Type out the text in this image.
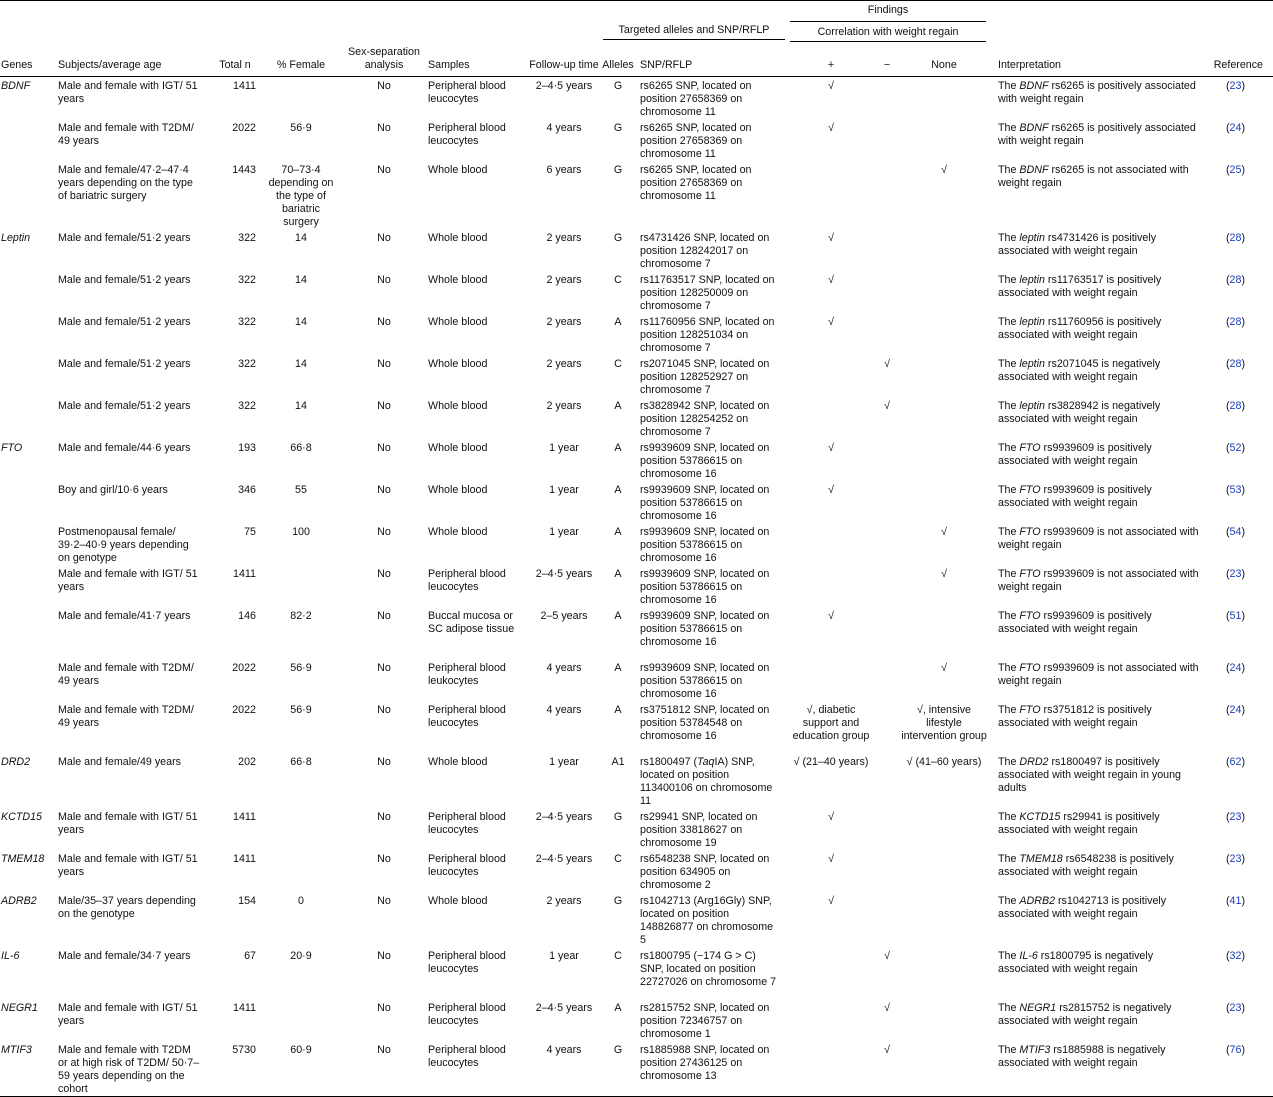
									Findings					
							Targeted alleles and SNP/RFLP		Correlation with weight regain					
Genes	Subjects/average age	Total n	% Female	Sex-separation analysis	Samples	Follow-up time	Alleles	SNP/RFLP	+	−	None		Interpretation	Reference
BDNF	Male and female with IGT/ 51 years	1411		No	Peripheral blood leucocytes	2–4·5 years	G	rs6265 SNP, located on position 27658369 on chromosome 11	√				The BDNF rs6265 is positively associated with weight regain	(23)
	Male and female with T2DM/ 49 years	2022	56·9	No	Peripheral blood leucocytes	4 years	G	rs6265 SNP, located on position 27658369 on chromosome 11	√				The BDNF rs6265 is positively associated with weight regain	(24)
	Male and female/47·2–47·4 years depending on the type of bariatric surgery	1443	70–73·4 depending on the type of bariatric surgery	No	Whole blood	6 years	G	rs6265 SNP, located on position 27658369 on chromosome 11			√		The BDNF rs6265 is not associated with weight regain	(25)
Leptin	Male and female/51·2 years	322	14	No	Whole blood	2 years	G	rs4731426 SNP, located on position 128242017 on chromosome 7	√				The leptin rs4731426 is positively associated with weight regain	(28)
	Male and female/51·2 years	322	14	No	Whole blood	2 years	C	rs11763517 SNP, located on position 128250009 on chromosome 7	√				The leptin rs11763517 is positively associated with weight regain	(28)
	Male and female/51·2 years	322	14	No	Whole blood	2 years	A	rs11760956 SNP, located on position 128251034 on chromosome 7	√				The leptin rs11760956 is positively associated with weight regain	(28)
	Male and female/51·2 years	322	14	No	Whole blood	2 years	C	rs2071045 SNP, located on position 128252927 on chromosome 7		√			The leptin rs2071045 is negatively associated with weight regain	(28)
	Male and female/51·2 years	322	14	No	Whole blood	2 years	A	rs3828942 SNP, located on position 128254252 on chromosome 7		√			The leptin rs3828942 is negatively associated with weight regain	(28)
FTO	Male and female/44·6 years	193	66·8	No	Whole blood	1 year	A	rs9939609 SNP, located on position 53786615 on chromosome 16	√				The FTO rs9939609 is positively associated with weight regain	(52)
	Boy and girl/10·6 years	346	55	No	Whole blood	1 year	A	rs9939609 SNP, located on position 53786615 on chromosome 16	√				The FTO rs9939609 is positively associated with weight regain	(53)
	Postmenopausal female/ 39·2–40·9 years depending on genotype	75	100	No	Whole blood	1 year	A	rs9939609 SNP, located on position 53786615 on chromosome 16			√		The FTO rs9939609 is not associated with weight regain	(54)
	Male and female with IGT/ 51 years	1411		No	Peripheral blood leucocytes	2–4·5 years	A	rs9939609 SNP, located on position 53786615 on chromosome 16			√		The FTO rs9939609 is not associated with weight regain	(23)
	Male and female/41·7 years	146	82·2	No	Buccal mucosa or SC adipose tissue	2–5 years	A	rs9939609 SNP, located on position 53786615 on chromosome 16	√				The FTO rs9939609 is positively associated with weight regain	(51)
	Male and female with T2DM/ 49 years	2022	56·9	No	Peripheral blood leukocytes	4 years	A	rs9939609 SNP, located on position 53786615 on chromosome 16			√		The FTO rs9939609 is not associated with weight regain	(24)
	Male and female with T2DM/ 49 years	2022	56·9	No	Peripheral blood leucocytes	4 years	A	rs3751812 SNP, located on position 53784548 on chromosome 16	√, diabetic support and education group		√, intensive lifestyle intervention group		The FTO rs3751812 is positively associated with weight regain	(24)
DRD2	Male and female/49 years	202	66·8	No	Whole blood	1 year	A1	rs1800497 (TaqIA) SNP, located on position 113400106 on chromosome 11	√ (21–40 years)		√ (41–60 years)		The DRD2 rs1800497 is positively associated with weight regain in young adults	(62)
KCTD15	Male and female with IGT/ 51 years	1411		No	Peripheral blood leucocytes	2–4·5 years	G	rs29941 SNP, located on position 33818627 on chromosome 19	√				The KCTD15 rs29941 is positively associated with weight regain	(23)
TMEM18	Male and female with IGT/ 51 years	1411		No	Peripheral blood leucocytes	2–4·5 years	C	rs6548238 SNP, located on position 634905 on chromosome 2	√				The TMEM18 rs6548238 is positively associated with weight regain	(23)
ADRB2	Male/35–37 years depending on the genotype	154	0	No	Whole blood	2 years	G	rs1042713 (Arg16Gly) SNP, located on position 148826877 on chromosome 5	√				The ADRB2 rs1042713 is positively associated with weight regain	(41)
IL-6	Male and female/34·7 years	67	20·9	No	Peripheral blood leucocytes	1 year	C	rs1800795 (−174 G > C) SNP, located on position 22727026 on chromosome 7		√			The IL-6 rs1800795 is negatively associated with weight regain	(32)
NEGR1	Male and female with IGT/ 51 years	1411		No	Peripheral blood leucocytes	2–4·5 years	A	rs2815752 SNP, located on position 72346757 on chromosome 1		√			The NEGR1 rs2815752 is negatively associated with weight regain	(23)
MTIF3	Male and female with T2DM or at high risk of T2DM/ 50·7–59 years depending on the cohort	5730	60·9	No	Peripheral blood leucocytes	4 years	G	rs1885988 SNP, located on position 27436125 on chromosome 13		√			The MTIF3 rs1885988 is negatively associated with weight regain	(76)
